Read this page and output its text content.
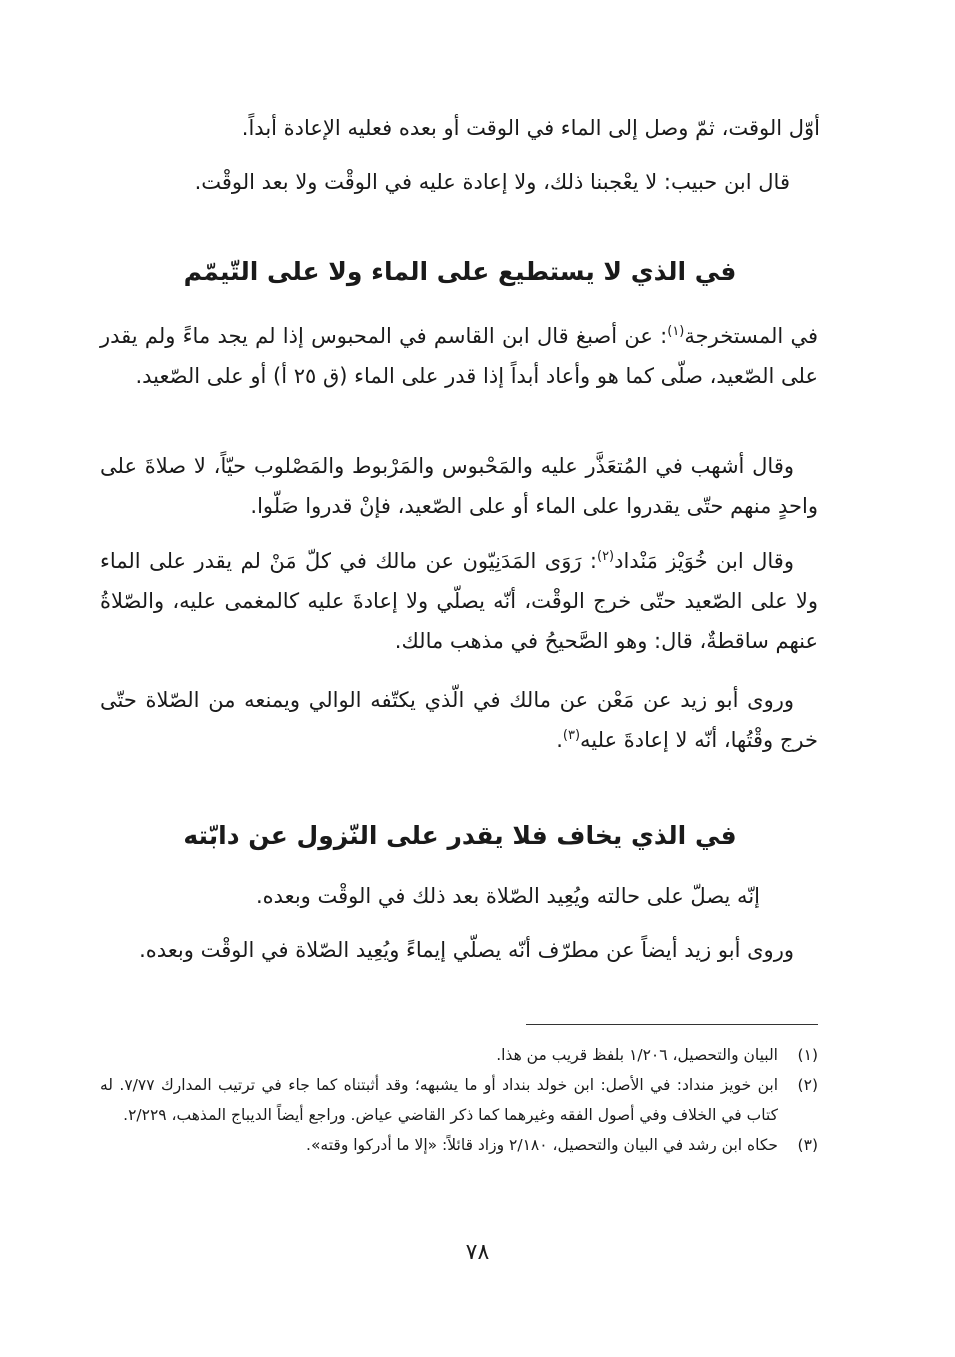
أوّل الوقت، ثمّ وصل إلى الماء في الوقت أو بعده فعليه الإعادة أبداً.

قال ابن حبيب: لا يعْجبنا ذلك، ولا إعادة عليه في الوقْت ولا بعد الوقْت.

في الذي لا يستطيع على الماء ولا على التّيمّم

في المستخرجة$^{(١)}$: عن أصبغ قال ابن القاسم في المحبوس إذا لم يجد ماءً ولم يقدر على الصّعيد، صلّى كما هو وأعاد أبداً إذا قدر على الماء (ق ٢٥ أ) أو على الصّعيد.

وقال أشهب في المُتعَذَّر عليه والمَحْبوس والمَرْبوط والمَصْلوب حيّاً، لا صلاةَ على واحدٍ منهم حتّى يقدروا على الماء أو على الصّعيد، فإنْ قدروا صَلّوا.

وقال ابن خُوَيْز مَنْداد$^{(٢)}$: رَوَى المَدَنِيّون عن مالك في كلّ مَنْ لم يقدر على الماء ولا على الصّعيد حتّى خرج الوقْت، أنّه يصلّي ولا إعادةَ عليه كالمغمى عليه، والصّلاةُ عنهم ساقطةٌ، قال: وهو الصَّحيحُ في مذهب مالك.

وروى أبو زيد عن مَعْن عن مالك في الّذي يكتّفه الوالي ويمنعه من الصّلاة حتّى خرج وقْتُها، أنّه لا إعادةَ عليه$^{(٣)}$.

في الذي يخاف فلا يقدر على النّزول عن دابّته

إنّه يصلّ على حالته ويُعِيد الصّلاة بعد ذلك في الوقْت وبعده.

وروى أبو زيد أيضاً عن مطرّف أنّه يصلّي إيماءً ويُعِيد الصّلاة في الوقْت وبعده.

(١)
البيان والتحصيل، ١/٢٠٦ بلفظ قريب من هذا.
(٢)
ابن خويز منداد: في الأصل: ابن خولد بنداد أو ما يشبهه؛ وقد أثبتناه كما جاء في ترتيب المدارك ٧/٧٧. له كتاب في الخلاف وفي أصول الفقه وغيرهما كما ذكر القاضي عياض. وراجع أيضاً الديباج المذهب، ٢/٢٢٩.
(٣)
حكاه ابن رشد في البيان والتحصيل، ٢/١٨٠ وزاد قائلاً: «إلا ما أدركوا وقته».
٧٨
